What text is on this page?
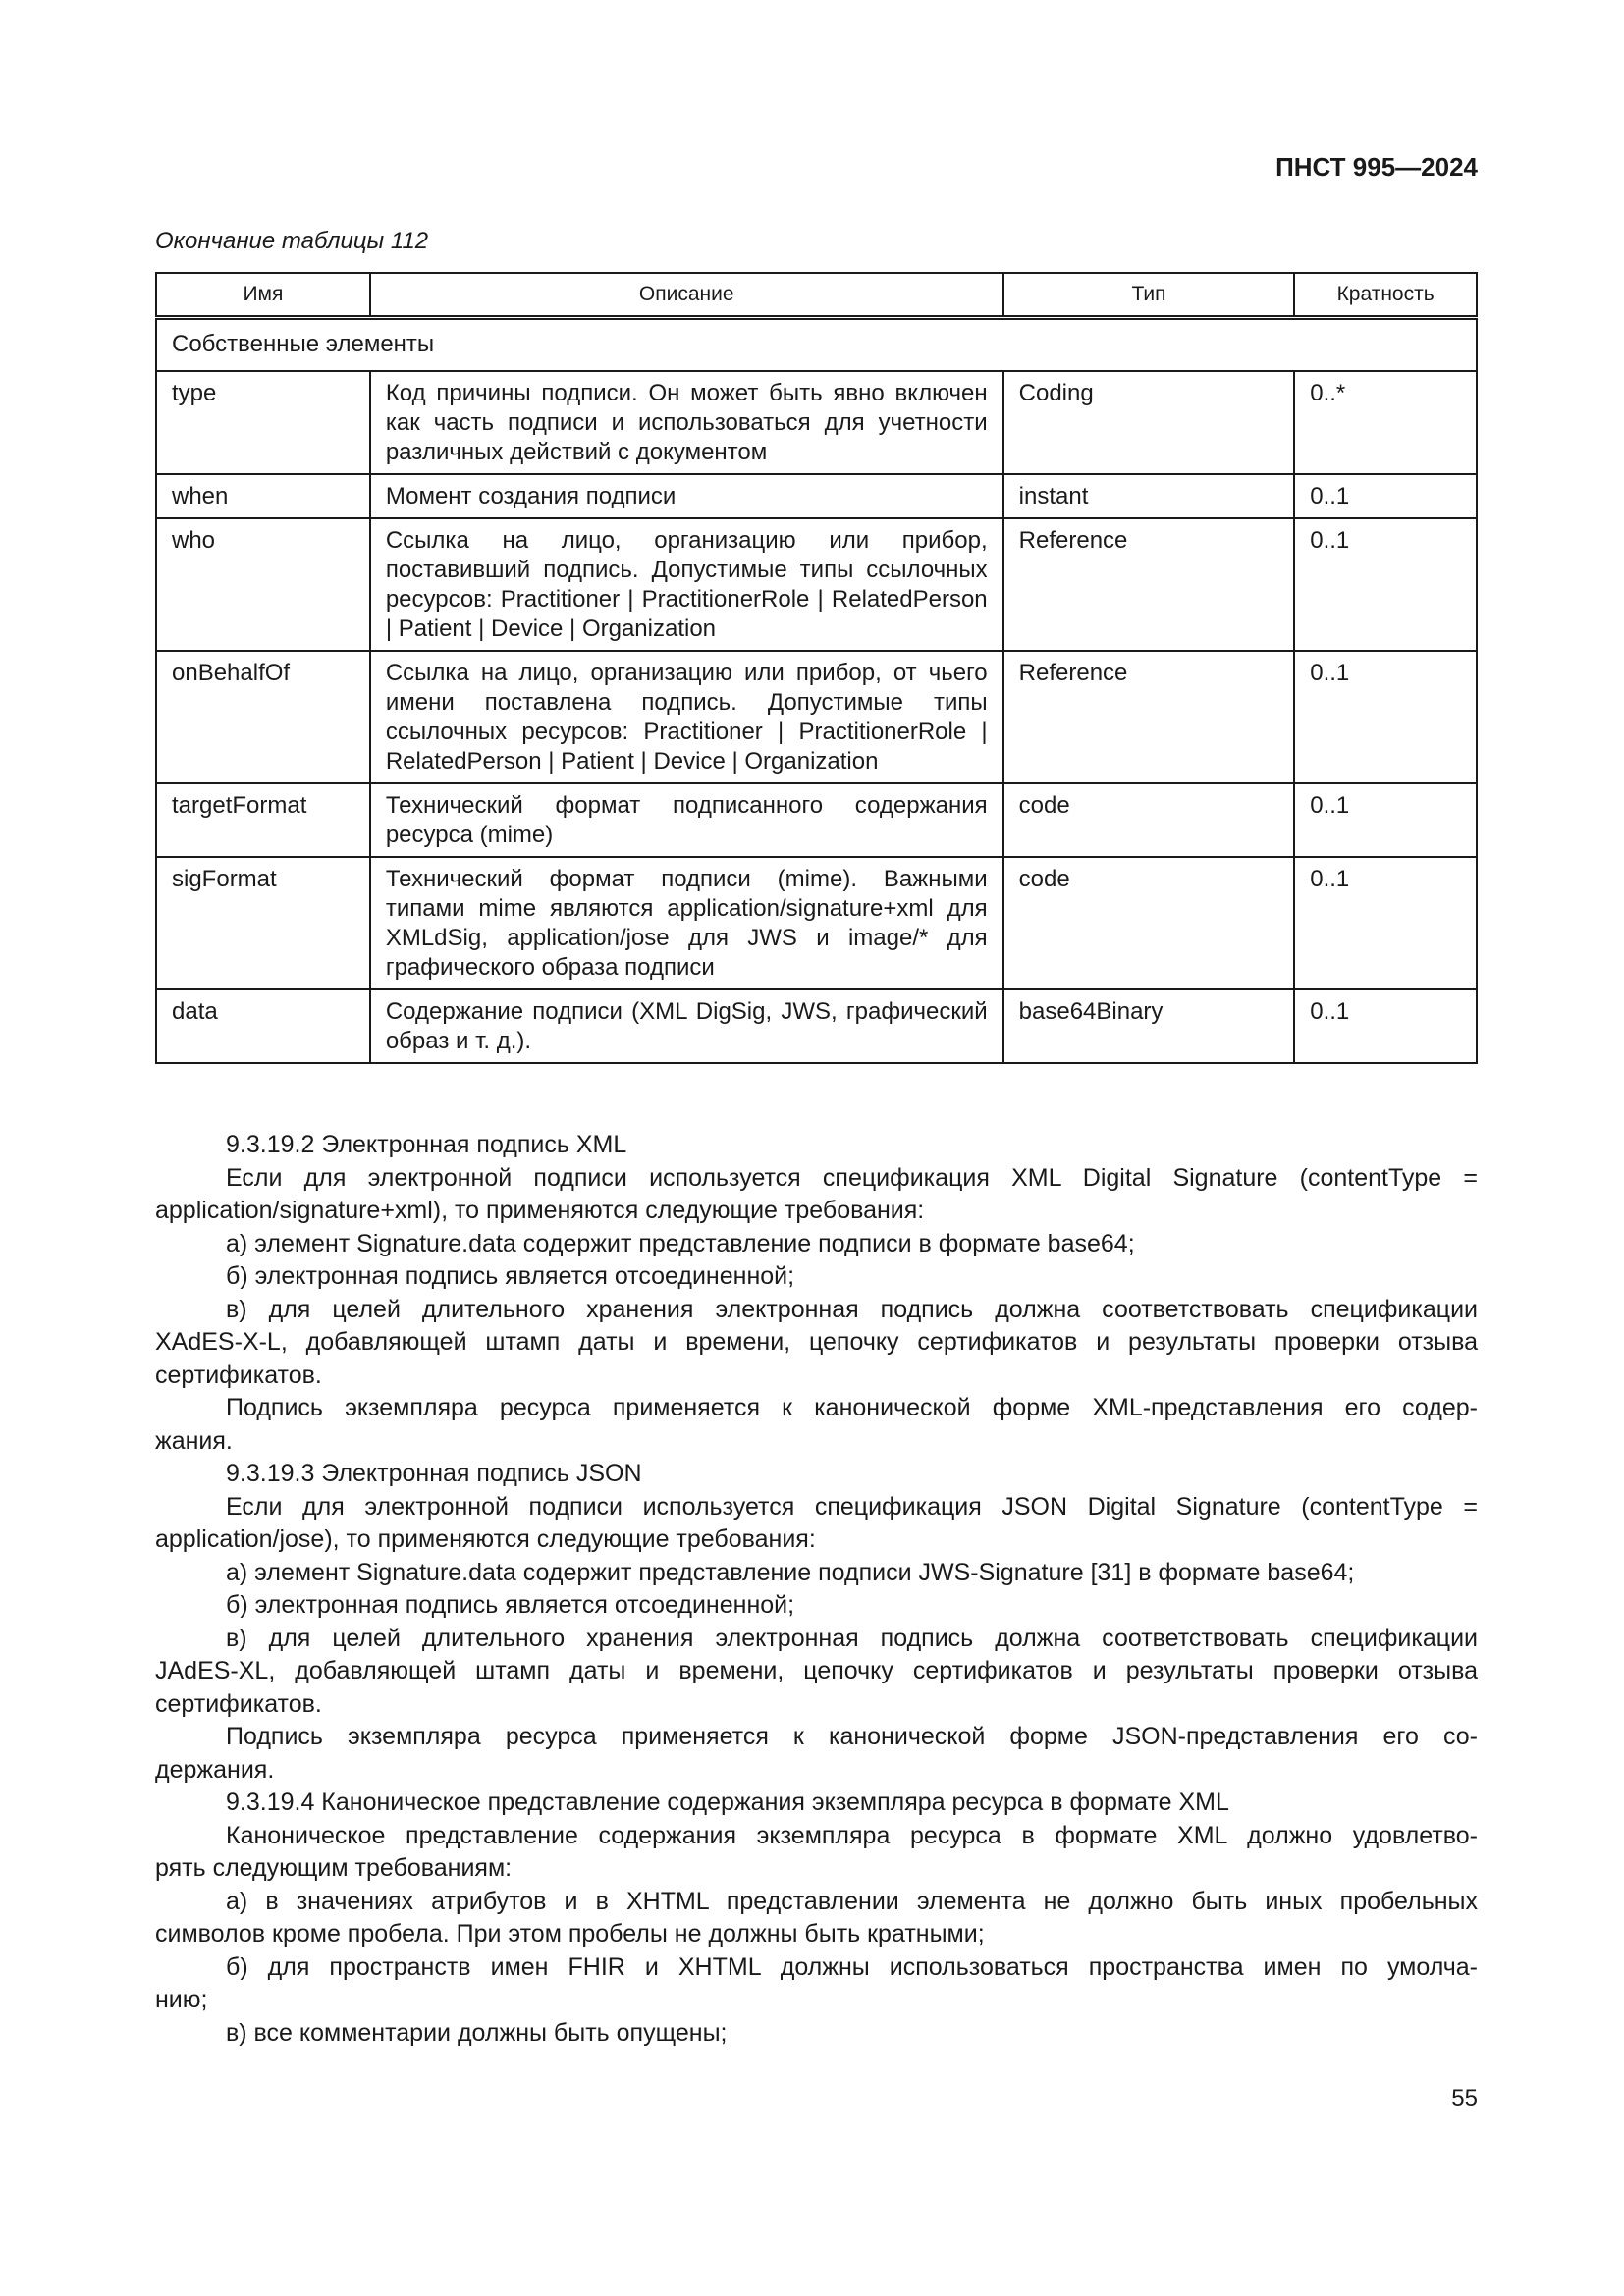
ПНСТ 995—2024
Окончание таблицы 112
Имя	Описание	Тип	Кратность
Собственные элементы			
type	Код причины подписи. Он может быть явно включен как часть подписи и использоваться для учетности различных действий с документом	Coding	0..*
when	Момент создания подписи	instant	0..1
who	Ссылка на лицо, организацию или прибор, поставивший подпись. Допустимые типы ссылочных ресурсов: Practitioner | PractitionerRole | RelatedPerson | Patient | Device | Organization	Reference	0..1
onBehalfOf	Ссылка на лицо, организацию или прибор, от чьего имени поставлена подпись. Допустимые типы ссылочных ресурсов: Practitioner | PractitionerRole | RelatedPerson | Patient | Device | Organization	Reference	0..1
targetFormat	Технический формат подписанного содержания ресурса (mime)	code	0..1
sigFormat	Технический формат подписи (mime). Важными типами mime являются application/signature+xml для XMLdSig, application/jose для JWS и image/* для графического образа подписи	code	0..1
data	Содержание подписи (XML DigSig, JWS, графический образ и т. д.).	base64Binary	0..1
9.3.19.2 Электронная подпись XML
Если для электронной подписи используется спецификация XML Digital Signature (contentType =
application/signature+xml), то применяются следующие требования:
а) элемент Signature.data содержит представление подписи в формате base64;
б) электронная подпись является отсоединенной;
в) для целей длительного хранения электронная подпись должна соответствовать спецификации
XAdES-X-L, добавляющей штамп даты и времени, цепочку сертификатов и результаты проверки отзыва
сертификатов.
Подпись экземпляра ресурса применяется к канонической форме XML-представления его содер-
жания.
9.3.19.3 Электронная подпись JSON
Если для электронной подписи используется спецификация JSON Digital Signature (contentType =
application/jose), то применяются следующие требования:
а) элемент Signature.data содержит представление подписи JWS-Signature [31] в формате base64;
б) электронная подпись является отсоединенной;
в) для целей длительного хранения электронная подпись должна соответствовать спецификации
JAdES-XL, добавляющей штамп даты и времени, цепочку сертификатов и результаты проверки отзыва
сертификатов.
Подпись экземпляра ресурса применяется к канонической форме JSON-представления его со-
держания.
9.3.19.4 Каноническое представление содержания экземпляра ресурса в формате XML
Каноническое представление содержания экземпляра ресурса в формате XML должно удовлетво-
рять следующим требованиям:
а) в значениях атрибутов и в XHTML представлении элемента не должно быть иных пробельных
символов кроме пробела. При этом пробелы не должны быть кратными;
б) для пространств имен FHIR и XHTML должны использоваться пространства имен по умолча-
нию;
в) все комментарии должны быть опущены;
55
